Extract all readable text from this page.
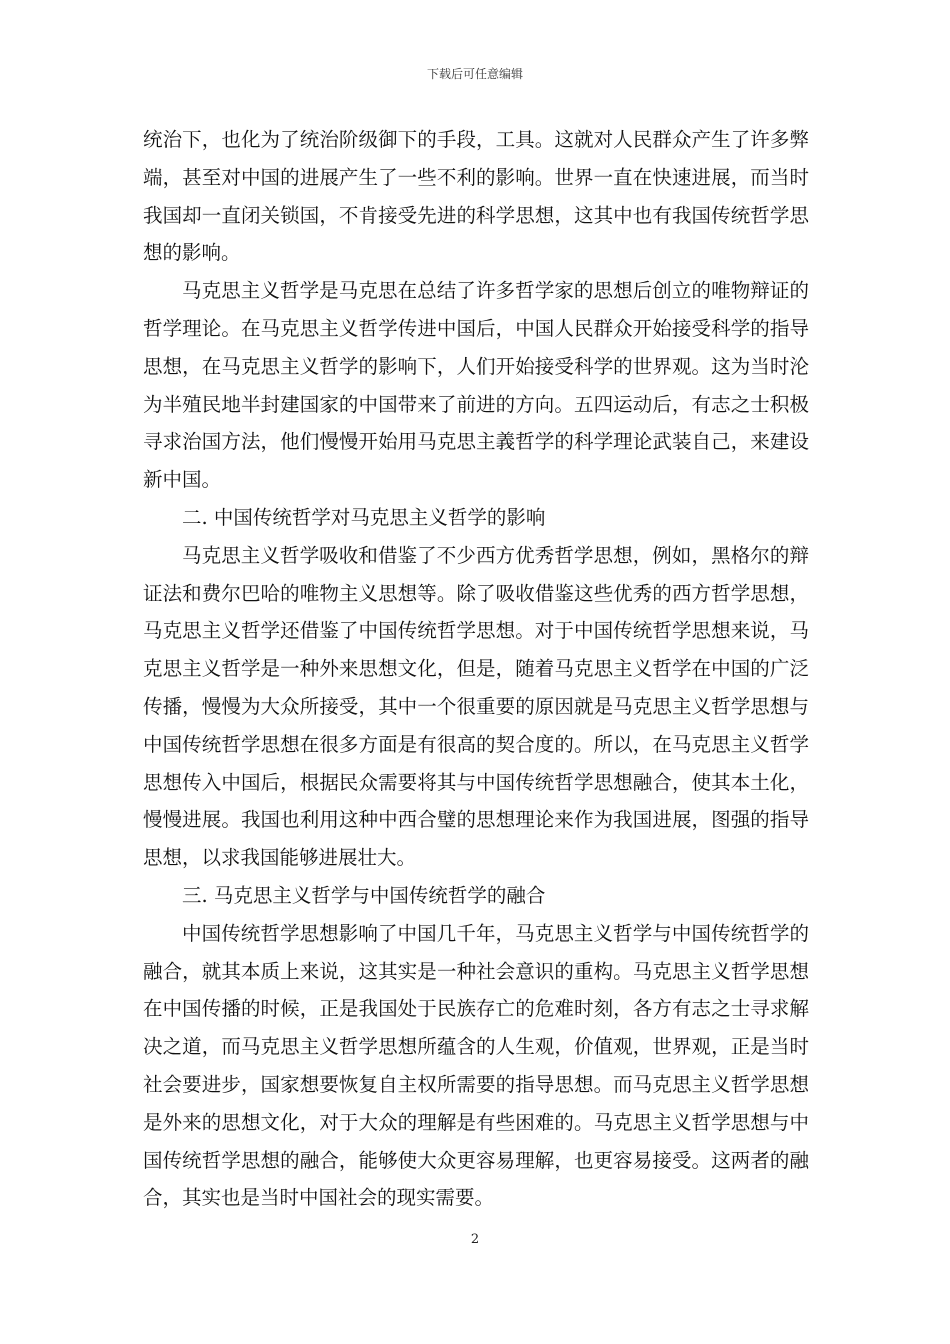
下载后可任意编辑

统治下，也化为了统治阶级御下的手段，工具。这就对人民群众产生了许多弊端，甚至对中国的进展产生了一些不利的影响。世界一直在快速进展，而当时我国却一直闭关锁国，不肯接受先进的科学思想，这其中也有我国传统哲学思想的影响。

马克思主义哲学是马克思在总结了许多哲学家的思想后创立的唯物辩证的哲学理论。在马克思主义哲学传进中国后，中国人民群众开始接受科学的指导思想，在马克思主义哲学的影响下，人们开始接受科学的世界观。这为当时沦为半殖民地半封建国家的中国带来了前进的方向。五四运动后，有志之士积极寻求治国方法，他们慢慢开始用马克思主義哲学的科学理论武装自己，来建设新中国。

二. 中国传统哲学对马克思主义哲学的影响

马克思主义哲学吸收和借鉴了不少西方优秀哲学思想，例如，黑格尔的辩证法和费尔巴哈的唯物主义思想等。除了吸收借鉴这些优秀的西方哲学思想，马克思主义哲学还借鉴了中国传统哲学思想。对于中国传统哲学思想来说，马克思主义哲学是一种外来思想文化，但是，随着马克思主义哲学在中国的广泛传播，慢慢为大众所接受，其中一个很重要的原因就是马克思主义哲学思想与中国传统哲学思想在很多方面是有很高的契合度的。所以，在马克思主义哲学思想传入中国后，根据民众需要将其与中国传统哲学思想融合，使其本土化，慢慢进展。我国也利用这种中西合璧的思想理论来作为我国进展，图强的指导思想，以求我国能够进展壮大。

三. 马克思主义哲学与中国传统哲学的融合

中国传统哲学思想影响了中国几千年，马克思主义哲学与中国传统哲学的融合，就其本质上来说，这其实是一种社会意识的重构。马克思主义哲学思想在中国传播的时候，正是我国处于民族存亡的危难时刻，各方有志之士寻求解决之道，而马克思主义哲学思想所蕴含的人生观，价值观，世界观，正是当时社会要进步，国家想要恢复自主权所需要的指导思想。而马克思主义哲学思想是外来的思想文化，对于大众的理解是有些困难的。马克思主义哲学思想与中国传统哲学思想的融合，能够使大众更容易理解，也更容易接受。这两者的融合，其实也是当时中国社会的现实需要。

2
